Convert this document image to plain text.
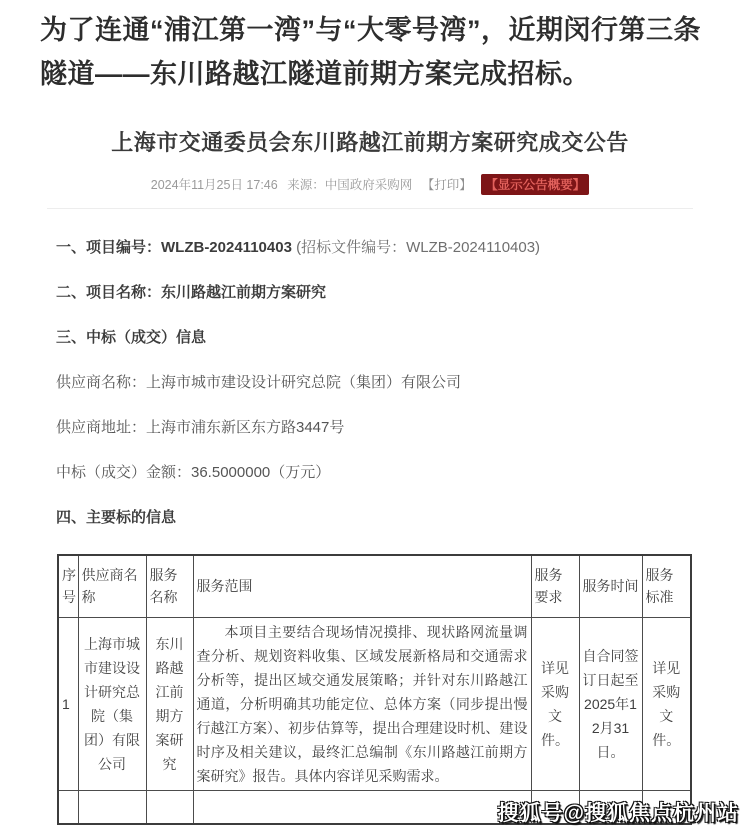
为了连通“浦江第一湾”与“大零号湾”，近期闵行第三条隧道——东川路越江隧道前期方案完成招标。
上海市交通委员会东川路越江前期方案研究成交公告
2024年11月25日 17:46 来源：中国政府采购网 【打印】 【显示公告概要】
一、项目编号：WLZB-2024110403 (招标文件编号：WLZB-2024110403)
二、项目名称：东川路越江前期方案研究
三、中标（成交）信息
供应商名称：上海市城市建设设计研究总院（集团）有限公司
供应商地址：上海市浦东新区东方路3447号
中标（成交）金额：36.5000000（万元）
四、主要标的信息
序号	供应商名称	服务名称	服务范围	服务要求	服务时间	服务标准
1	上海市城市建设设计研究总院（集团）有限公司	东川路越江前期方案研究	本项目主要结合现场情况摸排、现状路网流量调查分析、规划资料收集、区域发展新格局和交通需求分析等，提出区域交通发展策略；并针对东川路越江通道，分析明确其功能定位、总体方案（同步提出慢行越江方案）、初步估算等，提出合理建设时机、建设时序及相关建议，最终汇总编制《东川路越江前期方案研究》报告。具体内容详见采购需求。	详见采购文件。	自合同签订日起至2025年12月31日。	详见采购文件。

搜狐号@搜狐焦点杭州站
